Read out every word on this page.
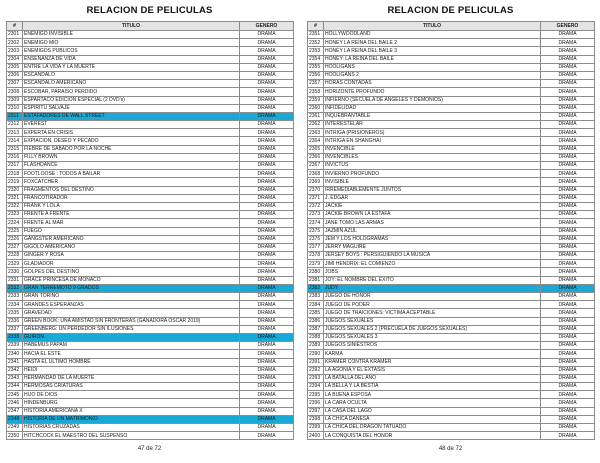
RELACION DE PELICULAS
#	TITULO	GENERO
2301	ENEMIGO INVISIBLE	DRAMA
2302	ENEMIGO MIO	DRAMA
2303	ENEMIGOS PUBLICOS	DRAMA
2304	ENSEÑANZA DE VIDA	DRAMA
2305	ENTRE LA VIDA Y LA MUERTE	DRAMA
2306	ESCANDALO	DRAMA
2307	ESCANDALO AMERICANO	DRAMA
2308	ESCOBAR, PARAISO PERDIDO	DRAMA
2309	ESPARTACO EDICION ESPECIAL (2 DVD's)	DRAMA
2310	ESPIRITU SALVAJE	DRAMA
2311	ESTAFADORES DE WALL STREET	DRAMA
2312	EVEREST	DRAMA
2313	EXPERTA EN CRISIS	DRAMA
2314	EXPIACION, DESEO Y PECADO	DRAMA
2315	FIEBRE DE SABADO POR LA NOCHE	DRAMA
2316	FILLY BROWN	DRAMA
2317	FLASHDANCE	DRAMA
2318	FOOTLOOSE : TODOS A BAILAR	DRAMA
2319	FOXCATCHER	DRAMA
2320	FRAGMENTOS DEL DESTINO	DRAMA
2321	FRANCOTIRADOR	DRAMA
2322	FRANK Y LOLA	DRAMA
2323	FRENTE A FRENTE	DRAMA
2324	FRENTE AL MAR	DRAMA
2325	FUEGO	DRAMA
2326	GANGSTER AMERICANO	DRAMA
2327	GIGOLO AMERICANO	DRAMA
2328	GINGER Y ROSA	DRAMA
2329	GLADIADOR	DRAMA
2330	GOLPES DEL DESTINO	DRAMA
2331	GRACE PRINCESA DE MONACO	DRAMA
2332	GRAN TERREMOTO 9 GRADOS	DRAMA
2333	GRAN TORINO	DRAMA
2334	GRANDES ESPERANZAS	DRAMA
2335	GRAVEDAD	DRAMA
2336	GREEN BOOK: UNA AMISTAD SIN FRONTERAS (GANADORA OSCAR 2019)	DRAMA
2337	GREENBERG: UN PERDEDOR SIN ILUSIONES	DRAMA
2338	GUIRON	DRAMA
2339	HABEMUS PAPAM	DRAMA
2340	HACIA EL ESTE	DRAMA
2341	HASTA EL ULTIMO HOMBRE	DRAMA
2342	HEIDI	DRAMA
2343	HERMANDAD DE LA MUERTE	DRAMA
2344	HERMOSAS CRIATURAS	DRAMA
2345	HIJO DE DIOS	DRAMA
2346	HINDENBURG	DRAMA
2347	HISTORIA AMERICANA X	DRAMA
2348	HISTORIA DE UN MATRIMONIO	DRAMA
2349	HISTORIAS CRUZADAS	DRAMA
2350	HITCHCOCK EL MAESTRO DEL SUSPENSO	DRAMA
47 de 72
RELACION DE PELICULAS
#	TITULO	GENERO
2351	HOLLYWOODLAND	DRAMA
2352	HONEY LA REINA DEL BAILE 2	DRAMA
2353	HONEY LA REINA DEL BAILE 3	DRAMA
2354	HONEY: LA REINA DEL BAILE	DRAMA
2355	HOOLIGANS	DRAMA
2356	HOOLIGANS 2	DRAMA
2357	HORAS CONTADAS	DRAMA
2358	HORIZONTE PROFUNDO	DRAMA
2359	INFIERNO (SECUELA DE ANGELES Y DEMONIOS)	DRAMA
2360	INFIDELIDAD	DRAMA
2361	INQUEBRANTABLE	DRAMA
2362	INTERESTELAR	DRAMA
2363	INTRIGA (PRISIONEROS)	DRAMA
2364	INTRIGA EN SHANGHAI	DRAMA
2365	INVENCIBLE	DRAMA
2366	INVENCIBLES	DRAMA
2367	INVICTUS	DRAMA
2368	INVIERNO PROFUNDO	DRAMA
2369	INVISIBLE	DRAMA
2370	IRREMEDIABLEMENTE JUNTOS	DRAMA
2371	J. EDGAR	DRAMA
2372	JACKIE	DRAMA
2373	JACKIE BROWN LA ESTAFA	DRAMA
2374	JANE TOMO LAS ARMAS	DRAMA
2375	JAZMIN AZUL	DRAMA
2376	JEM Y LOS HOLOGRAMAS	DRAMA
2377	JERRY MAGUIRE	DRAMA
2378	JERSEY BOYS : PERSIGUIENDO LA MUSICA	DRAMA
2379	JIMI HENDRIX: EL COMIENZO	DRAMA
2380	JOBS	DRAMA
2381	JOY: EL NOMBRE DEL EXITO	DRAMA
2382	JUDY	DRAMA
2383	JUEGO DE HONOR	DRAMA
2384	JUEGO DE PODER	DRAMA
2385	JUEGO DE TRAICIONES: VICTIMA ACEPTABLE	DRAMA
2386	JUEGOS SEXUALES	DRAMA
2387	JUEGOS SEXUALES 2 (PRECUELA DE JUEGOS SEXUALES)	DRAMA
2388	JUEGOS SEXUALES 3	DRAMA
2389	JUEGOS SINIESTROS	DRAMA
2390	KARMA	DRAMA
2391	KRAMER CONTRA KRAMER	DRAMA
2392	LA AGONIA Y EL EXTASIS	DRAMA
2393	LA BATALLA DEL AÑO	DRAMA
2394	LA BELLA Y LA BESTIA	DRAMA
2395	LA BUENA ESPOSA	DRAMA
2396	LA CARA OCULTA	DRAMA
2397	LA CASA DEL LAGO	DRAMA
2398	LA CHICA DANESA	DRAMA
2399	LA CHICA DEL DRAGON TATUADO	DRAMA
2400	LA CONQUISTA DEL HONOR	DRAMA
48 de 72
